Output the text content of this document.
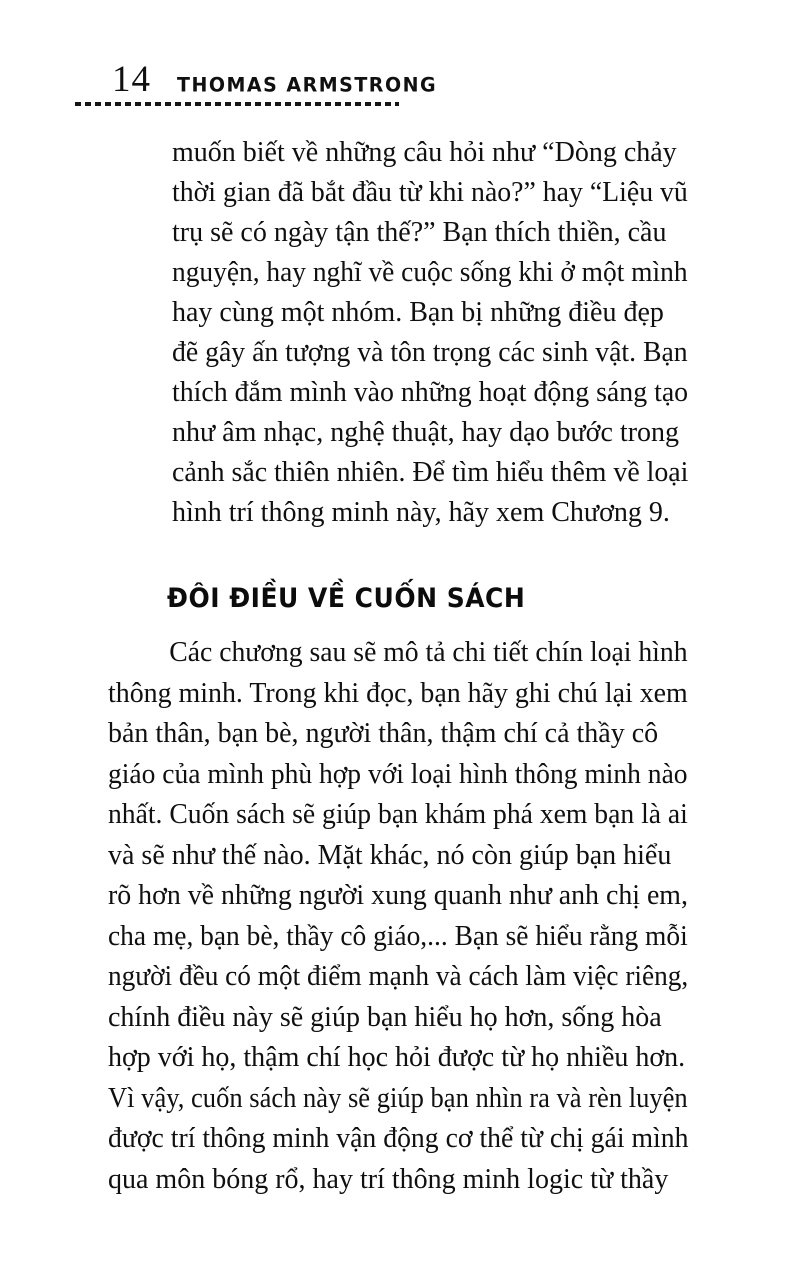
14 THOMAS ARMSTRONG
muốn biết về những câu hỏi như “Dòng chảy
thời gian đã bắt đầu từ khi nào?” hay “Liệu vũ
trụ sẽ có ngày tận thế?” Bạn thích thiền, cầu
nguyện, hay nghĩ về cuộc sống khi ở một mình
hay cùng một nhóm. Bạn bị những điều đẹp
đẽ gây ấn tượng và tôn trọng các sinh vật. Bạn
thích đắm mình vào những hoạt động sáng tạo
như âm nhạc, nghệ thuật, hay dạo bước trong
cảnh sắc thiên nhiên. Để tìm hiểu thêm về loại
hình trí thông minh này, hãy xem Chương 9.
ĐÔI ĐIỀU VỀ CUỐN SÁCH
Các chương sau sẽ mô tả chi tiết chín loại hình
thông minh. Trong khi đọc, bạn hãy ghi chú lại xem
bản thân, bạn bè, người thân, thậm chí cả thầy cô
giáo của mình phù hợp với loại hình thông minh nào
nhất. Cuốn sách sẽ giúp bạn khám phá xem bạn là ai
và sẽ như thế nào. Mặt khác, nó còn giúp bạn hiểu
rõ hơn về những người xung quanh như anh chị em,
cha mẹ, bạn bè, thầy cô giáo,... Bạn sẽ hiểu rằng mỗi
người đều có một điểm mạnh và cách làm việc riêng,
chính điều này sẽ giúp bạn hiểu họ hơn, sống hòa
hợp với họ, thậm chí học hỏi được từ họ nhiều hơn.
Vì vậy, cuốn sách này sẽ giúp bạn nhìn ra và rèn luyện
được trí thông minh vận động cơ thể từ chị gái mình
qua môn bóng rổ, hay trí thông minh logic từ thầy
